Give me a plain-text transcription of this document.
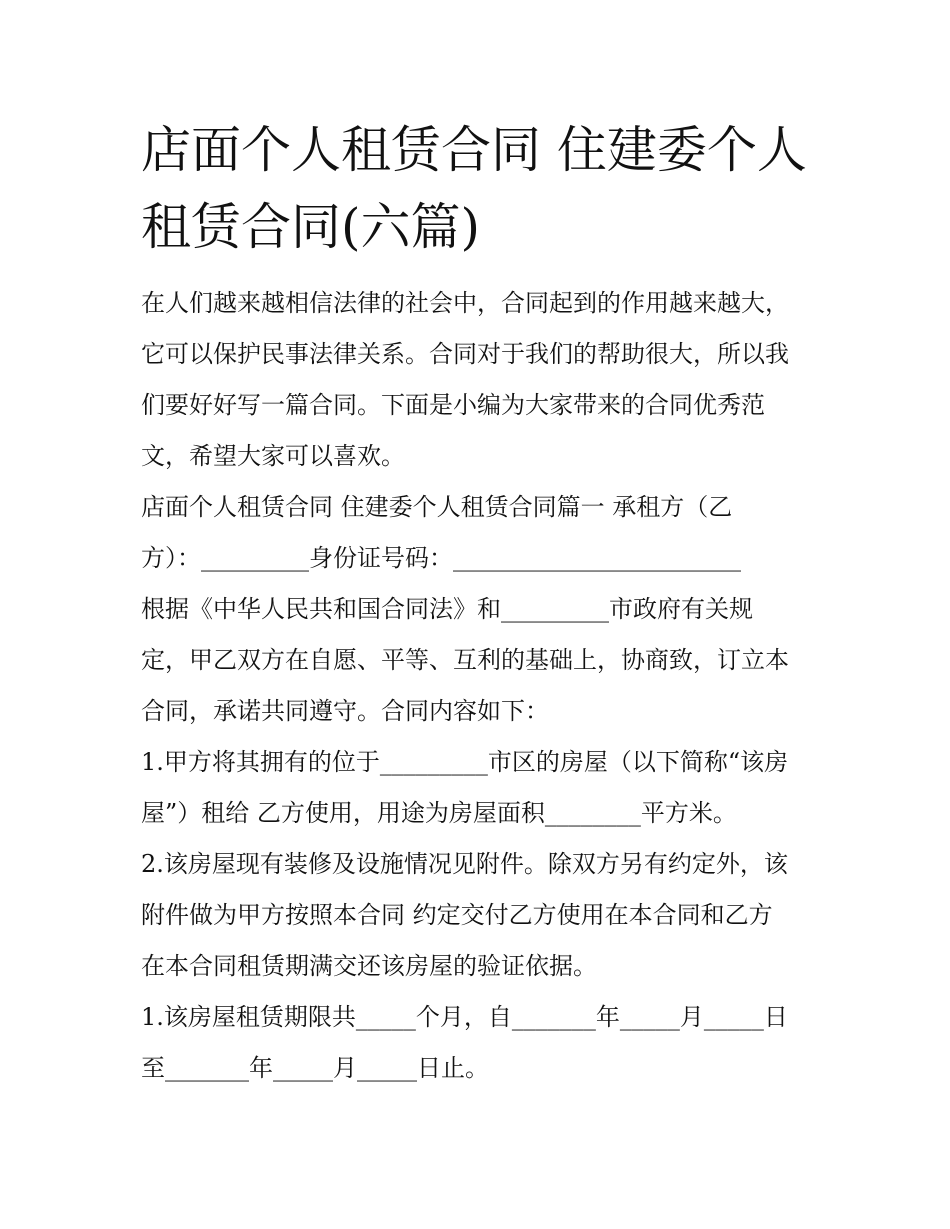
店面个人租赁合同 住建委个人
租赁合同(六篇)

在人们越来越相信法律的社会中，合同起到的作用越来越大，

它可以保护民事法律关系。合同对于我们的帮助很大，所以我

们要好好写一篇合同。下面是小编为大家带来的合同优秀范

文，希望大家可以喜欢。

店面个人租赁合同 住建委个人租赁合同篇一 承租方（乙

方）：_________身份证号码：________________________

根据《中华人民共和国合同法》和_________市政府有关规

定，甲乙双方在自愿、平等、互利的基础上，协商致，订立本

合同，承诺共同遵守。合同内容如下：

1.甲方将其拥有的位于_________市区的房屋（以下简称“该房

屋”）租给 乙方使用，用途为房屋面积________平方米。

2.该房屋现有装修及设施情况见附件。除双方另有约定外，该

附件做为甲方按照本合同 约定交付乙方使用在本合同和乙方

在本合同租赁期满交还该房屋的验证依据。

1.该房屋租赁期限共_____个月，自_______年_____月_____日

至_______年_____月_____日止。
